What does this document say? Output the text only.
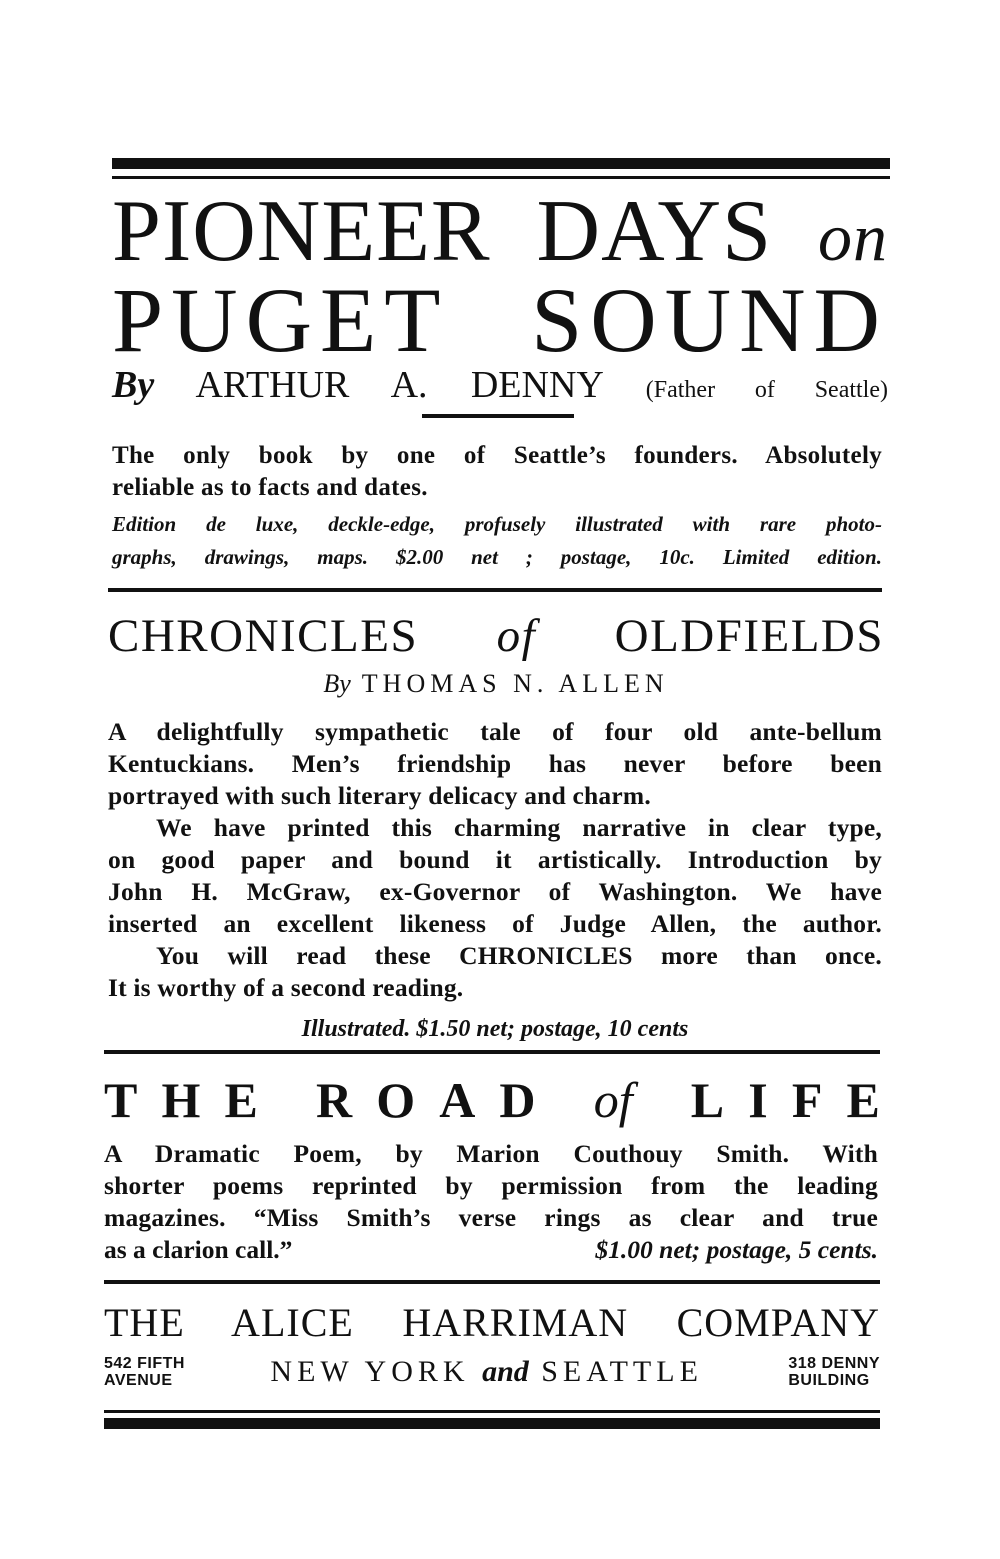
PIONEER DAYS on
PUGET SOUND
By ARTHUR A. DENNY (Father of Seattle)
The only book by one of Seattle’s founders. Absolutely
reliable as to facts and dates.
Edition de luxe, deckle-edge, profusely illustrated with rare photo-
graphs, drawings, maps. $2.00 net ; postage, 10c. Limited edition.
CHRONICLES of OLDFIELDS
By THOMAS N. ALLEN
A delightfully sympathetic tale of four old ante-bellum
Kentuckians. Men’s friendship has never before been
portrayed with such literary delicacy and charm.
We have printed this charming narrative in clear type,
on good paper and bound it artistically. Introduction by
John H. McGraw, ex-Governor of Washington. We have
inserted an excellent likeness of Judge Allen, the author.
You will read these CHRONICLES more than once.
It is worthy of a second reading.
Illustrated. $1.50 net; postage, 10 cents
T H E R O A D of L I F E
A Dramatic Poem, by Marion Couthouy Smith. With
shorter poems reprinted by permission from the leading
magazines. “Miss Smith’s verse rings as clear and true
as a clarion call.”	$1.00 net; postage, 5 cents.
THE ALICE HARRIMAN COMPANY
542 FIFTH
AVENUE	NEW YORK and SEATTLE	318 DENNY
BUILDING
